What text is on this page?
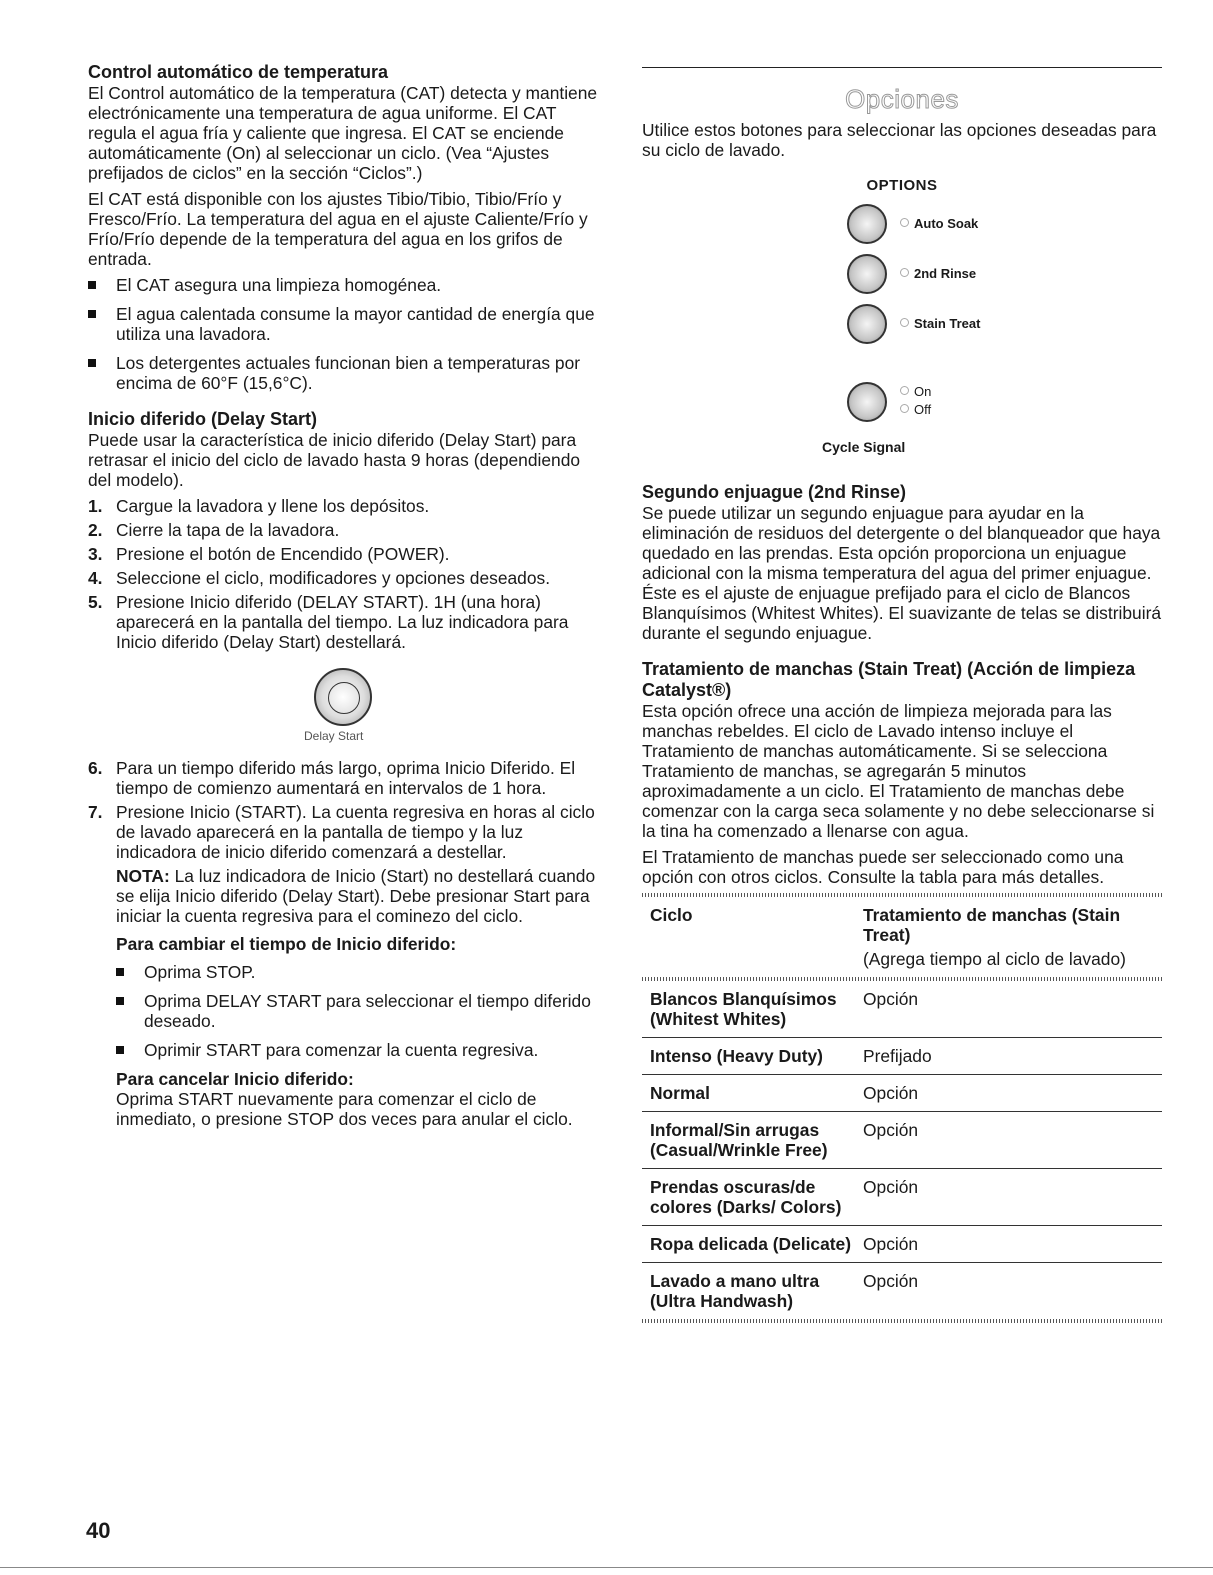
Control automático de temperatura

El Control automático de la temperatura (CAT) detecta y mantiene electrónicamente una temperatura de agua uniforme. El CAT regula el agua fría y caliente que ingresa. El CAT se enciende automáticamente (On) al seleccionar un ciclo. (Vea “Ajustes prefijados de ciclos” en la sección “Ciclos”.)

El CAT está disponible con los ajustes Tibio/Tibio, Tibio/Frío y Fresco/Frío. La temperatura del agua en el ajuste Caliente/Frío y Frío/Frío depende de la temperatura del agua en los grifos de entrada.

El CAT asegura una limpieza homogénea.
El agua calentada consume la mayor cantidad de energía que utiliza una lavadora.
Los detergentes actuales funcionan bien a temperaturas por encima de 60°F (15,6°C).
Inicio diferido (Delay Start)

Puede usar la característica de inicio diferido (Delay Start) para retrasar el inicio del ciclo de lavado hasta 9 horas (dependiendo del modelo).

1. Cargue la lavadora y llene los depósitos.
2. Cierre la tapa de la lavadora.
3. Presione el botón de Encendido (POWER).
4. Seleccione el ciclo, modificadores y opciones deseados.
5. Presione Inicio diferido (DELAY START). 1H (una hora) aparecerá en la pantalla del tiempo. La luz indicadora para Inicio diferido (Delay Start) destellará.
Delay Start
6. Para un tiempo diferido más largo, oprima Inicio Diferido. El tiempo de comienzo aumentará en intervalos de 1 hora.
7. Presione Inicio (START). La cuenta regresiva en horas al ciclo de lavado aparecerá en la pantalla de tiempo y la luz indicadora de inicio diferido comenzará a destellar.

NOTA: La luz indicadora de Inicio (Start) no destellará cuando se elija Inicio diferido (Delay Start). Debe presionar Start para iniciar la cuenta regresiva para el cominezo del ciclo.

Para cambiar el tiempo de Inicio diferido:
Oprima STOP.
Oprima DELAY START para seleccionar el tiempo diferido deseado.
Oprimir START para comenzar la cuenta regresiva.
Para cancelar Inicio diferido:

Oprima START nuevamente para comenzar el ciclo de inmediato, o presione STOP dos veces para anular el ciclo.

Opciones

Utilice estos botones para seleccionar las opciones deseadas para su ciclo de lavado.

OPTIONS
Auto Soak
2nd Rinse
Stain Treat
On
Off
Cycle Signal
Segundo enjuague (2nd Rinse)

Se puede utilizar un segundo enjuague para ayudar en la eliminación de residuos del detergente o del blanqueador que haya quedado en las prendas. Esta opción proporciona un enjuague adicional con la misma temperatura del agua del primer enjuague. Éste es el ajuste de enjuague prefijado para el ciclo de Blancos Blanquísimos (Whitest Whites). El suavizante de telas se distribuirá durante el segundo enjuague.

Tratamiento de manchas (Stain Treat) (Acción de limpieza Catalyst®)

Esta opción ofrece una acción de limpieza mejorada para las manchas rebeldes. El ciclo de Lavado intenso incluye el Tratamiento de manchas automáticamente. Si se selecciona Tratamiento de manchas, se agregarán 5 minutos aproximadamente a un ciclo. El Tratamiento de manchas debe comenzar con la carga seca solamente y no debe seleccionarse si la tina ha comenzado a llenarse con agua.

El Tratamiento de manchas puede ser seleccionado como una opción con otros ciclos. Consulte la tabla para más detalles.

Ciclo	Tratamiento de manchas (Stain Treat)
(Agrega tiempo al ciclo de lavado)
Blancos Blanquísimos (Whitest Whites)	Opción
Intenso (Heavy Duty)	Prefijado
Normal	Opción
Informal/Sin arrugas (Casual/Wrinkle Free)	Opción
Prendas oscuras/de colores (Darks/ Colors)	Opción
Ropa delicada (Delicate)	Opción
Lavado a mano ultra (Ultra Handwash)	Opción
40
